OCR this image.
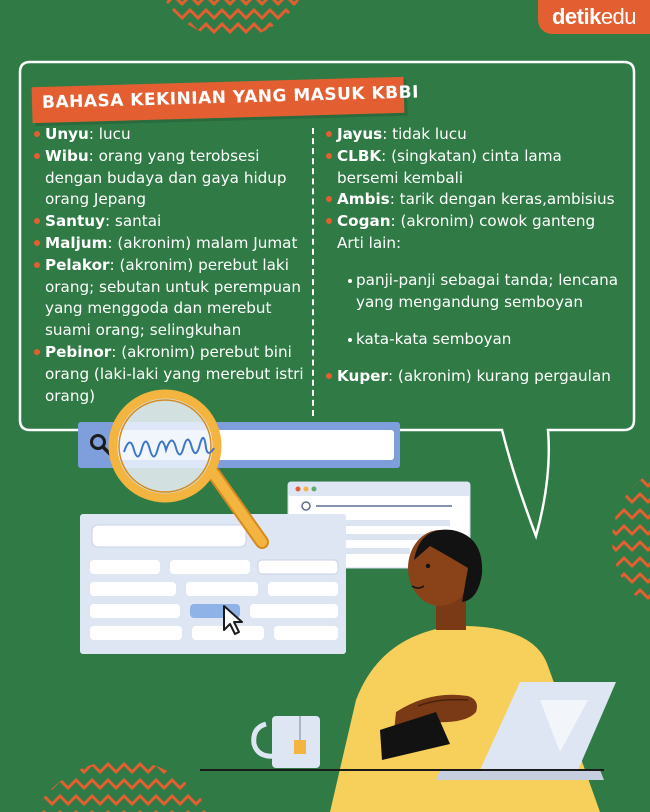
detikedu
BAHASA KEKINIAN YANG MASUK KBBI

Unyu: lucu

Wibu: orang yang terobsesi dengan budaya dan gaya hidup orang Jepang

Santuy: santai

Maljum: (akronim) malam Jumat

Pelakor: (akronim) perebut laki orang; sebutan untuk perempuan yang menggoda dan merebut suami orang; selingkuhan

Pebinor: (akronim) perebut bini orang (laki-laki yang merebut istri orang)

Jayus: tidak lucu

CLBK: (singkatan) cinta lama bersemi kembali

Ambis: tarik dengan keras,ambisius

Cogan: (akronim) cowok ganteng

Arti lain:

panji-panji sebagai tanda; lencana yang mengandung semboyan

kata-kata semboyan

Kuper: (akronim) kurang pergaulan
